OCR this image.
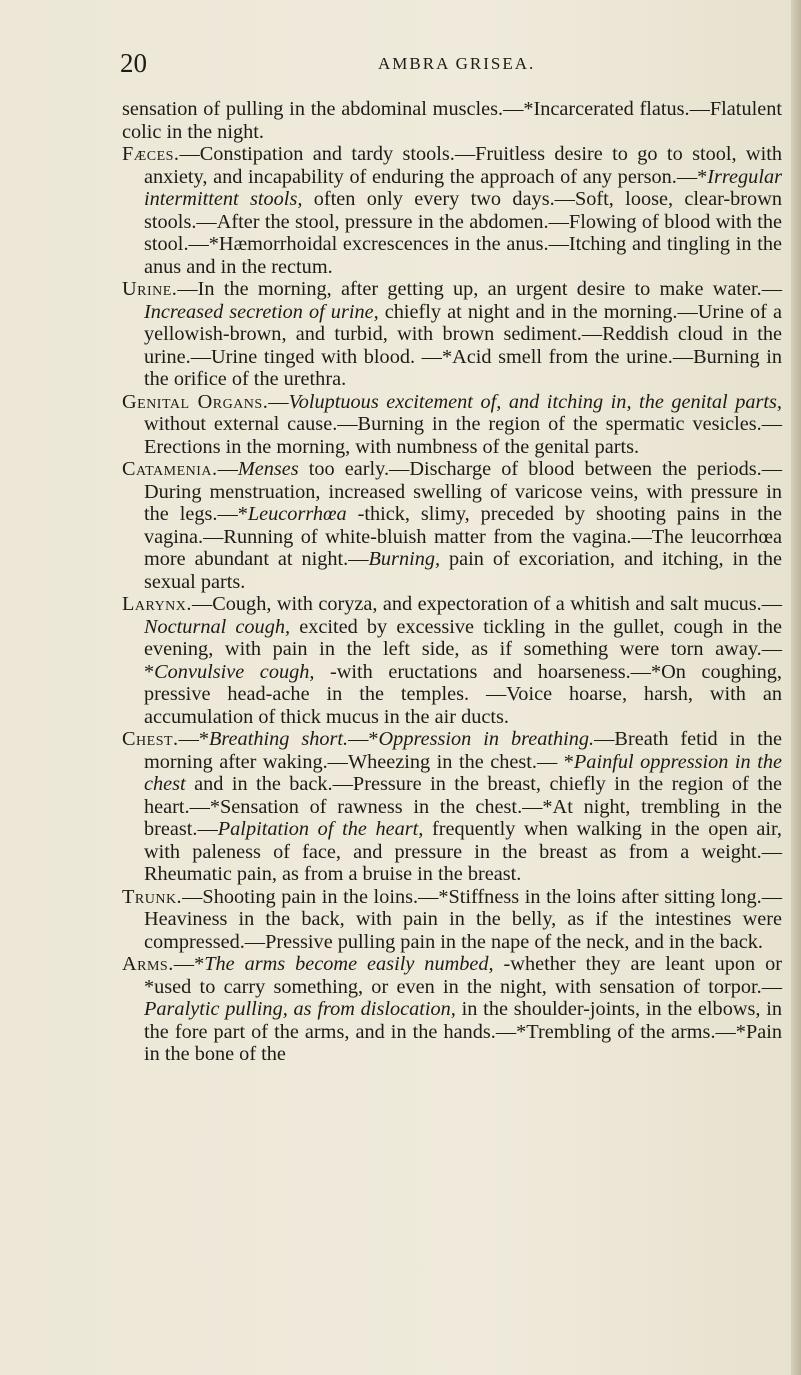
20	AMBRA GRISEA.

sensation of pulling in the abdominal muscles.—*Incarcerated flatus.—Flatulent colic in the night.

Fæces.—Constipation and tardy stools.—Fruitless desire to go to stool, with anxiety, and incapability of enduring the approach of any person.—*Irregular intermittent stools, often only every two days.—Soft, loose, clear-brown stools.—After the stool, pressure in the abdomen.—Flowing of blood with the stool.—*Hæmorrhoidal excrescences in the anus.—Itching and tingling in the anus and in the rectum.

Urine.—In the morning, after getting up, an urgent desire to make water.—Increased secretion of urine, chiefly at night and in the morning.—Urine of a yellowish-brown, and turbid, with brown sediment.—Reddish cloud in the urine.—Urine tinged with blood. —*Acid smell from the urine.—Burning in the orifice of the urethra.

Genital Organs.—Voluptuous excitement of, and itching in, the genital parts, without external cause.—Burning in the region of the spermatic vesicles.—Erections in the morning, with numbness of the genital parts.

Catamenia.—Menses too early.—Discharge of blood between the periods.—During menstruation, increased swelling of varicose veins, with pressure in the legs.—*Leucorrhœa ‑thick, slimy, preceded by shooting pains in the vagina.—Running of white-bluish matter from the vagina.—The leucorrhœa more abundant at night.—Burning, pain of excoriation, and itching, in the sexual parts.

Larynx.—Cough, with coryza, and expectoration of a whitish and salt mucus.—Nocturnal cough, excited by excessive tickling in the gullet, cough in the evening, with pain in the left side, as if something were torn away.—*Convulsive cough, ‑with eructations and hoarseness.—*On coughing, pressive head-ache in the temples. —Voice hoarse, harsh, with an accumulation of thick mucus in the air ducts.

Chest.—*Breathing short.—*Oppression in breathing.—Breath fetid in the morning after waking.—Wheezing in the chest.— *Painful oppression in the chest and in the back.—Pressure in the breast, chiefly in the region of the heart.—*Sensation of rawness in the chest.—*At night, trembling in the breast.—Palpitation of the heart, frequently when walking in the open air, with paleness of face, and pressure in the breast as from a weight.—Rheumatic pain, as from a bruise in the breast.

Trunk.—Shooting pain in the loins.—*Stiffness in the loins after sitting long.—Heaviness in the back, with pain in the belly, as if the intestines were compressed.—Pressive pulling pain in the nape of the neck, and in the back.

Arms.—*The arms become easily numbed, ‑whether they are leant upon or *used to carry something, or even in the night, with sensation of torpor.—Paralytic pulling, as from dislocation, in the shoulder-joints, in the elbows, in the fore part of the arms, and in the hands.—*Trembling of the arms.—*Pain in the bone of the
